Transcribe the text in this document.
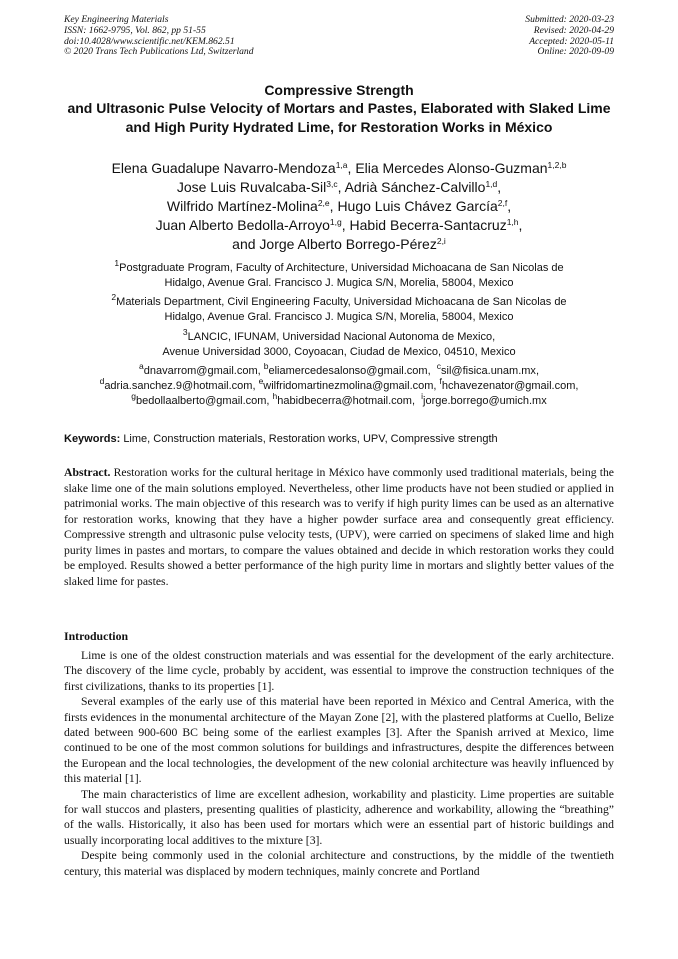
Key Engineering Materials
ISSN: 1662-9795, Vol. 862, pp 51-55
doi:10.4028/www.scientific.net/KEM.862.51
© 2020 Trans Tech Publications Ltd, Switzerland
Submitted: 2020-03-23
Revised: 2020-04-29
Accepted: 2020-05-11
Online: 2020-09-09
Compressive Strength
and Ultrasonic Pulse Velocity of Mortars and Pastes, Elaborated with Slaked Lime
and High Purity Hydrated Lime, for Restoration Works in México
Elena Guadalupe Navarro-Mendoza$^{1,a}$, Elia Mercedes Alonso-Guzman$^{1,2,b}$
Jose Luis Ruvalcaba-Sil$^{3,c}$, Adrià Sánchez-Calvillo$^{1,d}$,
Wilfrido Martínez-Molina$^{2,e}$, Hugo Luis Chávez García$^{2,f}$,
Juan Alberto Bedolla-Arroyo$^{1,g}$, Habid Becerra-Santacruz$^{1,h}$,
and Jorge Alberto Borrego-Pérez$^{2,i}$
$^1$Postgraduate Program, Faculty of Architecture, Universidad Michoacana de San Nicolas de
Hidalgo, Avenue Gral. Francisco J. Mugica S/N, Morelia, 58004, Mexico
$^2$Materials Department, Civil Engineering Faculty, Universidad Michoacana de San Nicolas de
Hidalgo, Avenue Gral. Francisco J. Mugica S/N, Morelia, 58004, Mexico
$^3$LANCIC, IFUNAM, Universidad Nacional Autonoma de Mexico,
Avenue Universidad 3000, Coyoacan, Ciudad de Mexico, 04510, Mexico
$^a$dnavarrom@gmail.com, $^b$eliamercedesalonso@gmail.com,  $^c$sil@fisica.unam.mx,
$^d$adria.sanchez.9@hotmail.com, $^e$wilfridomartinezmolina@gmail.com, $^f$hchavezenator@gmail.com,
$^g$bedollaalberto@gmail.com, $^h$habidbecerra@hotmail.com,  $^i$jorge.borrego@umich.mx
Keywords: Lime, Construction materials, Restoration works, UPV, Compressive strength

Abstract. Restoration works for the cultural heritage in México have commonly used traditional materials, being the slake lime one of the main solutions employed. Nevertheless, other lime products have not been studied or applied in patrimonial works. The main objective of this research was to verify if high purity limes can be used as an alternative for restoration works, knowing that they have a higher powder surface area and consequently great efficiency. Compressive strength and ultrasonic pulse velocity tests, (UPV), were carried on specimens of slaked lime and high purity limes in pastes and mortars, to compare the values obtained and decide in which restoration works they could be employed. Results showed a better performance of the high purity lime in mortars and slightly better values of the slaked lime for pastes.

Introduction

Lime is one of the oldest construction materials and was essential for the development of the early architecture. The discovery of the lime cycle, probably by accident, was essential to improve the construction techniques of the first civilizations, thanks to its properties [1].

Several examples of the early use of this material have been reported in México and Central America, with the firsts evidences in the monumental architecture of the Mayan Zone [2], with the plastered platforms at Cuello, Belize dated between 900-600 BC being some of the earliest examples [3]. After the Spanish arrived at Mexico, lime continued to be one of the most common solutions for buildings and infrastructures, despite the differences between the European and the local technologies, the development of the new colonial architecture was heavily influenced by this material [1].

The main characteristics of lime are excellent adhesion, workability and plasticity. Lime properties are suitable for wall stuccos and plasters, presenting qualities of plasticity, adherence and workability, allowing the “breathing” of the walls. Historically, it also has been used for mortars which were an essential part of historic buildings and usually incorporating local additives to the mixture [3].

Despite being commonly used in the colonial architecture and constructions, by the middle of the twentieth century, this material was displaced by modern techniques, mainly concrete and Portland
